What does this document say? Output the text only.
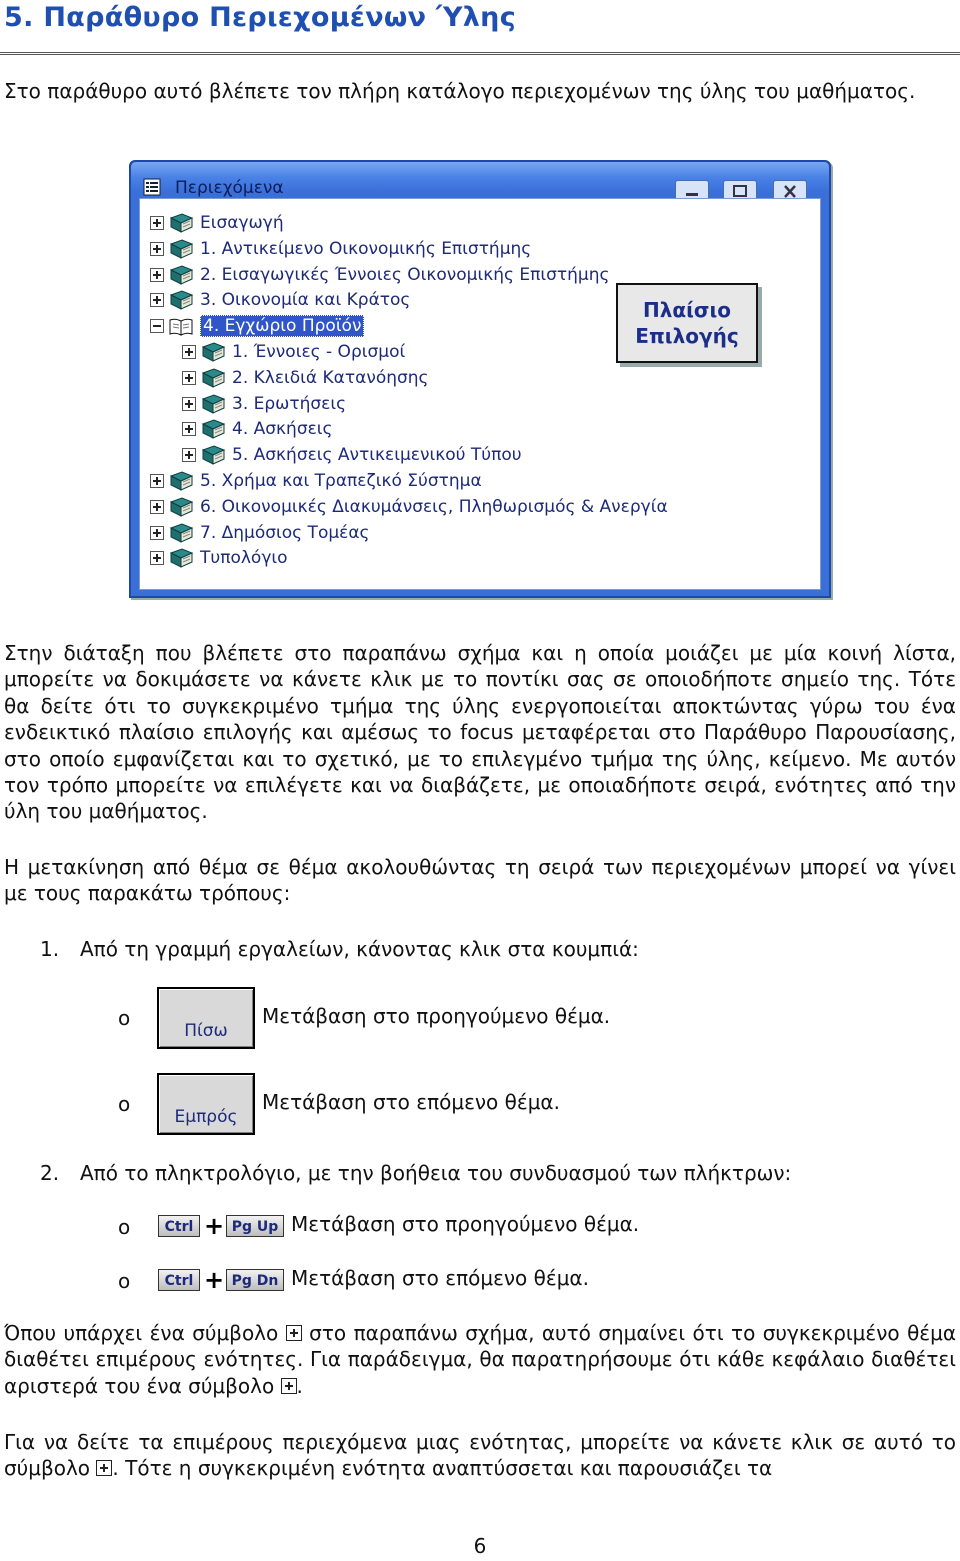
5. Παράθυρο Περιεχομένων Ύλης

Στο παράθυρο αυτό βλέπετε τον πλήρη κατάλογο περιεχομένων της ύλης του μαθήματος.

Περιεχόμενα
Εισαγωγή
1. Αντικείμενο Οικονομικής Επιστήμης
2. Εισαγωγικές Έννοιες Οικονομικής Επιστήμης
3. Οικονομία και Κράτος
4. Εγχώριο Προϊόν
1. Έννοιες - Ορισμοί
2. Κλειδιά Κατανόησης
3. Ερωτήσεις
4. Ασκήσεις
5. Ασκήσεις Αντικειμενικού Τύπου
5. Χρήμα και Τραπεζικό Σύστημα
6. Οικονομικές Διακυμάνσεις, Πληθωρισμός & Ανεργία
7. Δημόσιος Τομέας
Τυπολόγιο
Πλαίσιο
Επιλογής

Στην διάταξη που βλέπετε στο παραπάνω σχήμα και η οποία μοιάζει με μία κοινή λίστα, μπορείτε να δοκιμάσετε να κάνετε κλικ με το ποντίκι σας σε οποιοδήποτε σημείο της. Τότε θα δείτε ότι το συγκεκριμένο τμήμα της ύλης ενεργοποιείται αποκτώντας γύρω του ένα ενδεικτικό πλαίσιο επιλογής και αμέσως το focus μεταφέρεται στο Παράθυρο Παρουσίασης, στο οποίο εμφανίζεται και το σχετικό, με το επιλεγμένο τμήμα της ύλης, κείμενο. Με αυτόν τον τρόπο μπορείτε να επιλέγετε και να διαβάζετε, με οποιαδήποτε σειρά, ενότητες από την ύλη του μαθήματος.

Η μετακίνηση από θέμα σε θέμα ακολουθώντας τη σειρά των περιεχομένων μπορεί να γίνει με τους παρακάτω τρόπους:

1. Από τη γραμμή εργαλείων, κάνοντας κλικ στα κουμπιά:
o
Πίσω
Μετάβαση στο προηγούμενο θέμα.
o
Εμπρός
Μετάβαση στο επόμενο θέμα.
2. Από το πληκτρολόγιο, με την βοήθεια του συνδυασμού των πλήκτρων:
o	Ctrl + Pg Up Μετάβαση στο προηγούμενο θέμα.
o	Ctrl + Pg Dn Μετάβαση στο επόμενο θέμα.

Όπου υπάρχει ένα σύμβολο στο παραπάνω σχήμα, αυτό σημαίνει ότι το συγκεκριμένο θέμα διαθέτει επιμέρους ενότητες. Για παράδειγμα, θα παρατηρήσουμε ότι κάθε κεφάλαιο διαθέτει αριστερά του ένα σύμβολο .

Για να δείτε τα επιμέρους περιεχόμενα μιας ενότητας, μπορείτε να κάνετε κλικ σε αυτό το σύμβολο . Τότε η συγκεκριμένη ενότητα αναπτύσσεται και παρουσιάζει τα

6
